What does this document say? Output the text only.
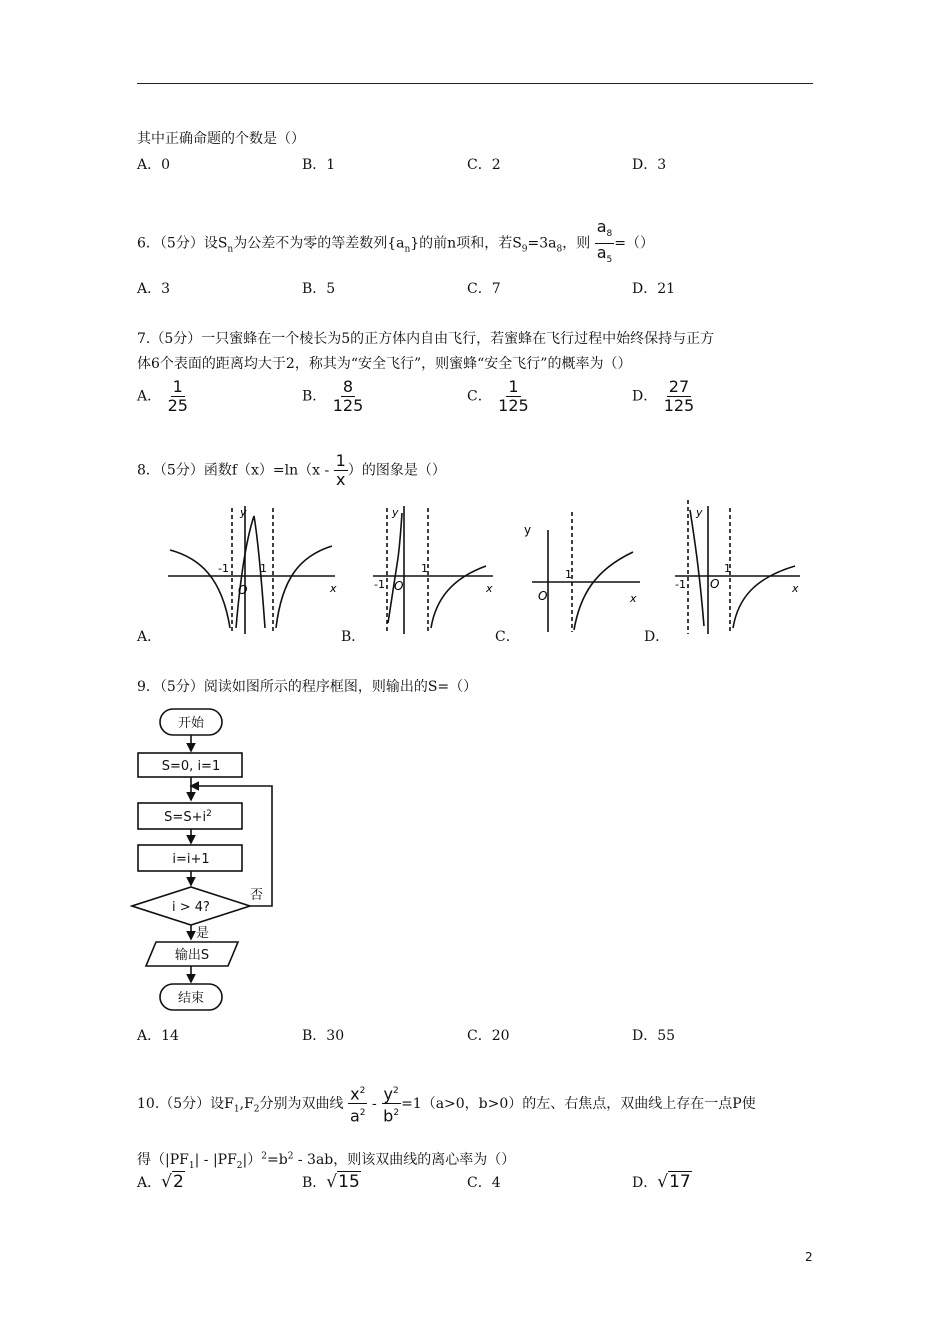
其中正确命题的个数是（）
A．0	B．1	C．2	D．3
6．（5分）设$S_n$为公差不为零的等差数列$\{a_n\}$的前n项和，若$S_9=3a_8$，则 $\frac{a_8}{a_5}$ =（）
A．3	B．5	C．7	D．21
7.（5分）一只蜜蜂在一个棱长为5的正方体内自由飞行，若蜜蜂在飞行过程中始终保持与正方
体6个表面的距离均大于2，称其为“安全飞行”，则蜜蜂“安全飞行”的概率为（）
A． $\frac{1}{25}$	B． $\frac{8}{125}$	C． $\frac{1}{125}$	D． $\frac{27}{125}$
8．（5分）函数$f(x)=\ln(x - \frac{1}{x}$ ）的图象是（）
y
x
O
-1	1
A．
y
x
O
-1
1
B．
y
x
O
1
C．
y
x
O
-1
1
D．
9．（5分）阅读如图所示的程序框图，则输出的S=（）
开始
S=0, i=1
$S=S+i^2$
i=i+1
i > 4?
否
是
输出S
结束
A．14	B．30	C．20	D．55
10.（5分）设$F_1,F_2$分别为双曲线 $\frac{x^2}{a^2} - \frac{y^2}{b^2} =1(a>0$，b>0）的左、右焦点，双曲线上存在一点P使
得$(|PF_1| - |PF_2|)^2=b^2 - 3ab$，则该双曲线的离心率为（）
A．√2	B．√15	C．4	D．√17
2
